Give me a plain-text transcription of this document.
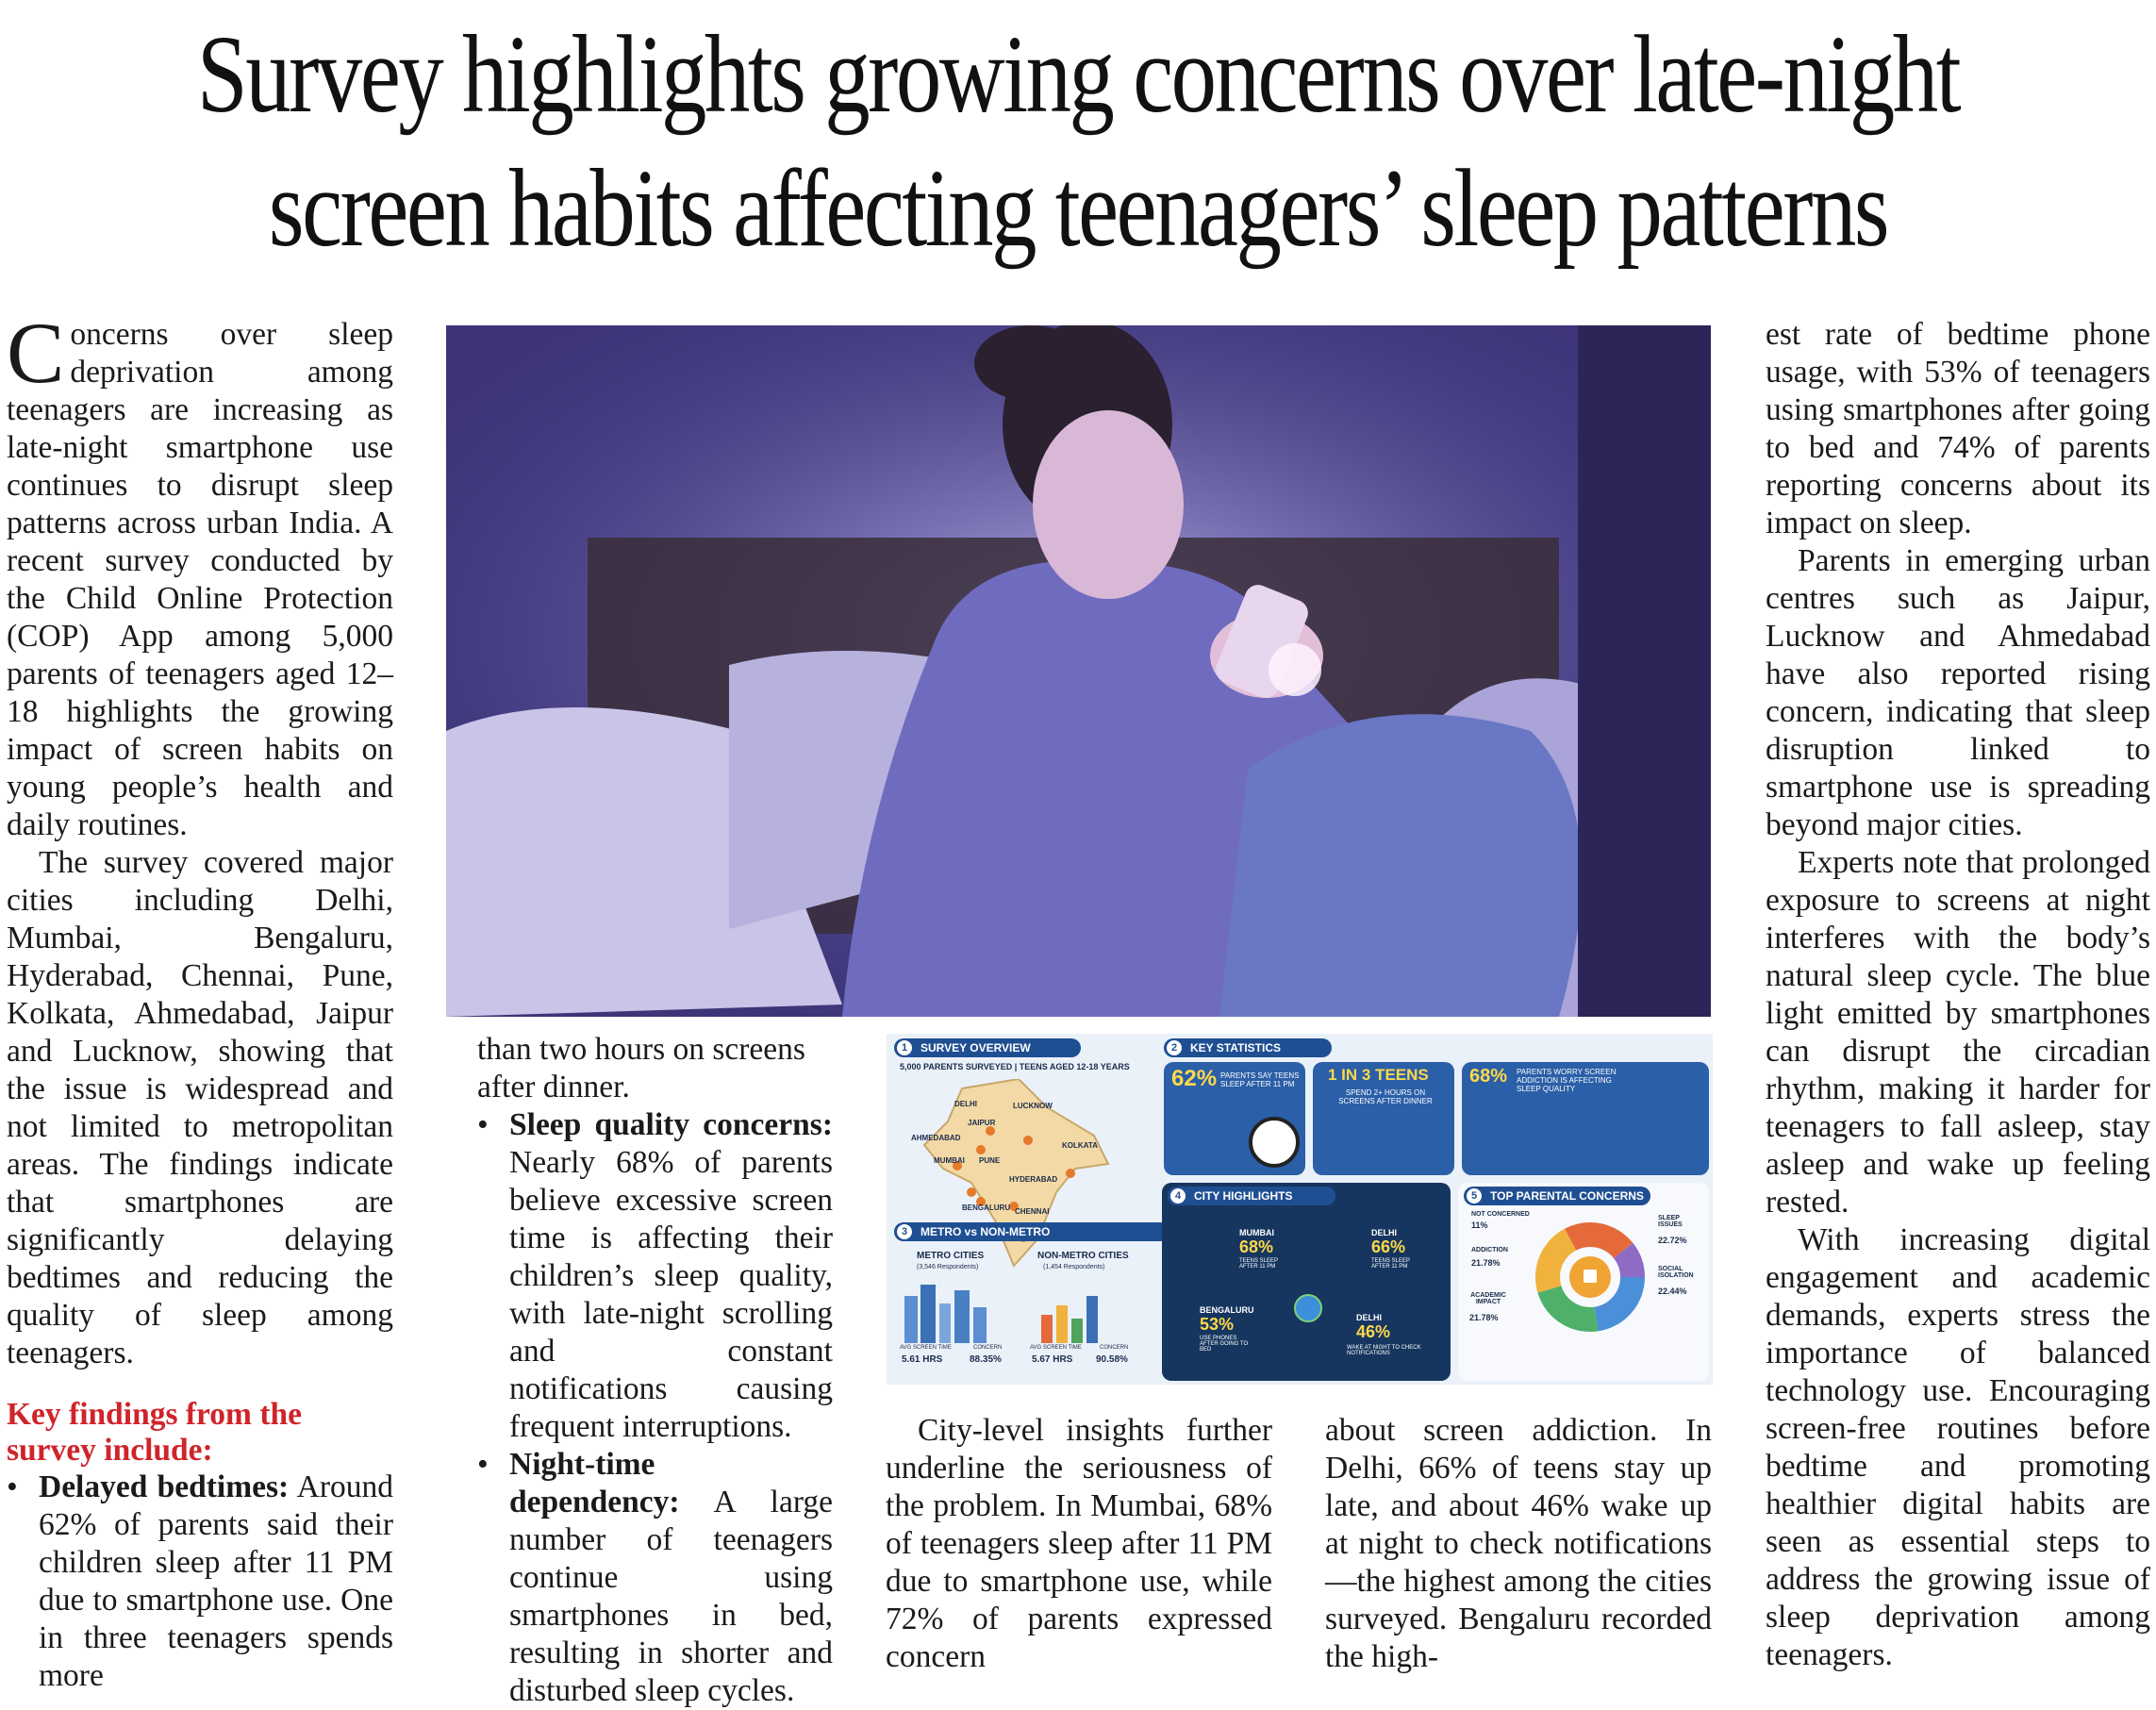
Survey highlights growing concerns over late-night
screen habits affecting teenagers’ sleep patterns

Concerns over sleep deprivation among teenagers are increasing as late-night smartphone use continues to disrupt sleep patterns across urban India. A recent survey conducted by the Child Online Protection (COP) App among 5,000 parents of teenagers aged 12–18 highlights the growing impact of screen habits on young people’s health and daily routines.

The survey covered major cities including Delhi, Mumbai, Bengaluru, Hyderabad, Chennai, Pune, Kolkata, Ahmedabad, Jaipur and Lucknow, showing that the issue is widespread and not limited to metropolitan areas. The findings indicate that smartphones are significantly delaying bedtimes and reducing the quality of sleep among teenagers.

Key findings from the survey include:
• Delayed bedtimes: Around 62% of parents said their children sleep after 11 PM due to smartphone use. One in three teenagers spends more

than two hours on screens after dinner.

• Sleep quality concerns: Nearly 68% of parents believe excessive screen time is affecting their children’s sleep quality, with late-night scrolling and constant notifications causing frequent interruptions.
• Night-time dependency: A large number of teenagers continue using smartphones in bed, resulting in shorter and disturbed sleep cycles.
1	SURVEY OVERVIEW
5,000 PARENTS SURVEYED | TEENS AGED 12-18 YEARS
DELHI	LUCKNOW
JAIPUR
AHMEDABAD
KOLKATA
MUMBAI PUNE
HYDERABAD
BENGALURU CHENNAI
2	KEY STATISTICS
62% PARENTS SAY TEENS SLEEP AFTER 11 PM
1 IN 3 TEENS
SPEND 2+ HOURS ON SCREENS AFTER DINNER
68% PARENTS WORRY SCREEN ADDICTION IS AFFECTING SLEEP QUALITY
3	METRO vs NON-METRO
METRO CITIES
(3,546 Respondents)
NON-METRO CITIES
(1,454 Respondents)
AVG SCREEN TIME
5.61 HRS
CONCERN
88.35%
AVG SCREEN TIME
5.67 HRS
CONCERN
90.58%
4	CITY HIGHLIGHTS
MUMBAI
68%
TEENS SLEEP AFTER 11 PM
DELHI
66%
TEENS SLEEP AFTER 11 PM
BENGALURU
53%
USE PHONES AFTER GOING TO BED
DELHI
46%
WAKE AT NIGHT TO CHECK NOTIFICATIONS
5	TOP PARENTAL CONCERNS
NOT CONCERNED
11%
SLEEP ISSUES
22.72%
ADDICTION
21.78%
SOCIAL ISOLATION
22.44%
ACADEMIC IMPACT
21.78%

City-level insights further underline the seriousness of the problem. In Mumbai, 68% of teenagers sleep after 11 PM due to smartphone use, while 72% of parents expressed concern

about screen addiction. In Delhi, 66% of teens stay up late, and about 46% wake up at night to check notifications—the highest among the cities surveyed. Bengaluru recorded the high-

est rate of bedtime phone usage, with 53% of teenagers using smartphones after going to bed and 74% of parents reporting concerns about its impact on sleep.

Parents in emerging urban centres such as Jaipur, Lucknow and Ahmedabad have also reported rising concern, indicating that sleep disruption linked to smartphone use is spreading beyond major cities.

Experts note that prolonged exposure to screens at night interferes with the body’s natural sleep cycle. The blue light emitted by smartphones can disrupt the circadian rhythm, making it harder for teenagers to fall asleep, stay asleep and wake up feeling rested.

With increasing digital engagement and academic demands, experts stress the importance of balanced technology use. Encouraging screen-free routines before bedtime and promoting healthier digital habits are seen as essential steps to address the growing issue of sleep deprivation among teenagers.
